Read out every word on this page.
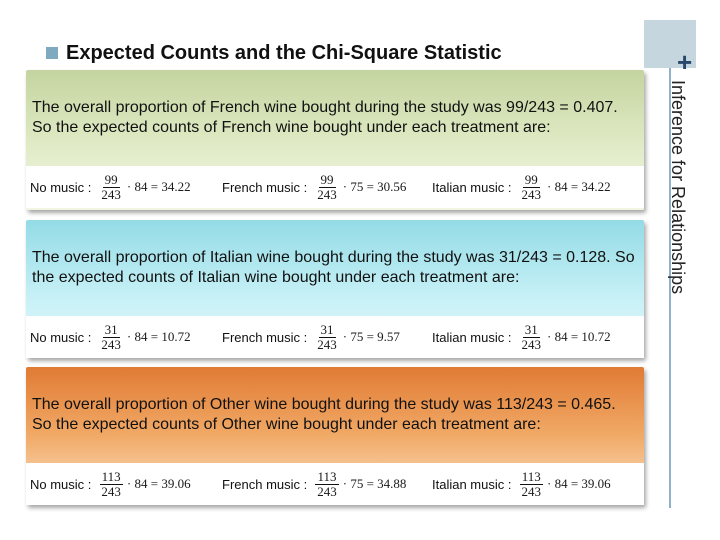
+
Inference for Relationships
Expected Counts and the Chi-Square Statistic
The overall proportion of French wine bought during the study was 99/243 = 0.407. So the expected counts of French wine bought under each treatment are:
No music : $\frac{99}{243} \cdot 84 = 34.22$ French music : $\frac{99}{243} \cdot 75 = 30.56$ Italian music : $\frac{99}{243} \cdot 84 = 34.22$
The overall proportion of Italian wine bought during the study was 31/243 = 0.128. So the expected counts of Italian wine bought under each treatment are:
No music : $\frac{31}{243} \cdot 84 = 10.72$ French music : $\frac{31}{243} \cdot 75 = 9.57$ Italian music : $\frac{31}{243} \cdot 84 = 10.72$
The overall proportion of Other wine bought during the study was 113/243 = 0.465. So the expected counts of Other wine bought under each treatment are:
No music : $\frac{113}{243} \cdot 84 = 39.06$ French music : $\frac{113}{243} \cdot 75 = 34.88$ Italian music : $\frac{113}{243} \cdot 84 = 39.06$
